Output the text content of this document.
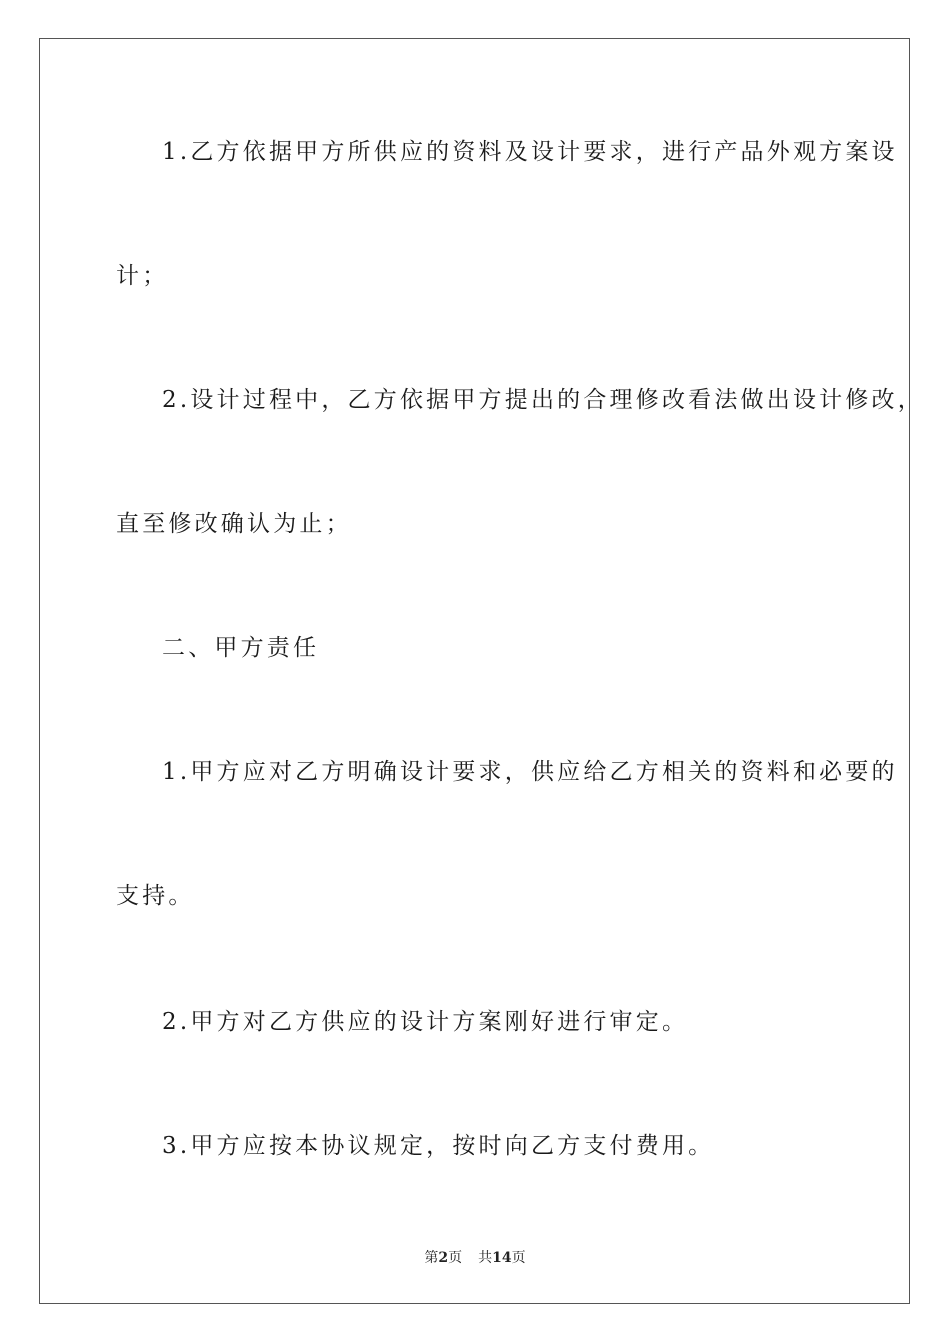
1.乙方依据甲方所供应的资料及设计要求，进行产品外观方案设
计；
2.设计过程中，乙方依据甲方提出的合理修改看法做出设计修改，
直至修改确认为止；
二、甲方责任
1.甲方应对乙方明确设计要求，供应给乙方相关的资料和必要的
支持。
2.甲方对乙方供应的设计方案刚好进行审定。
3.甲方应按本协议规定，按时向乙方支付费用。
第2页 共14页
